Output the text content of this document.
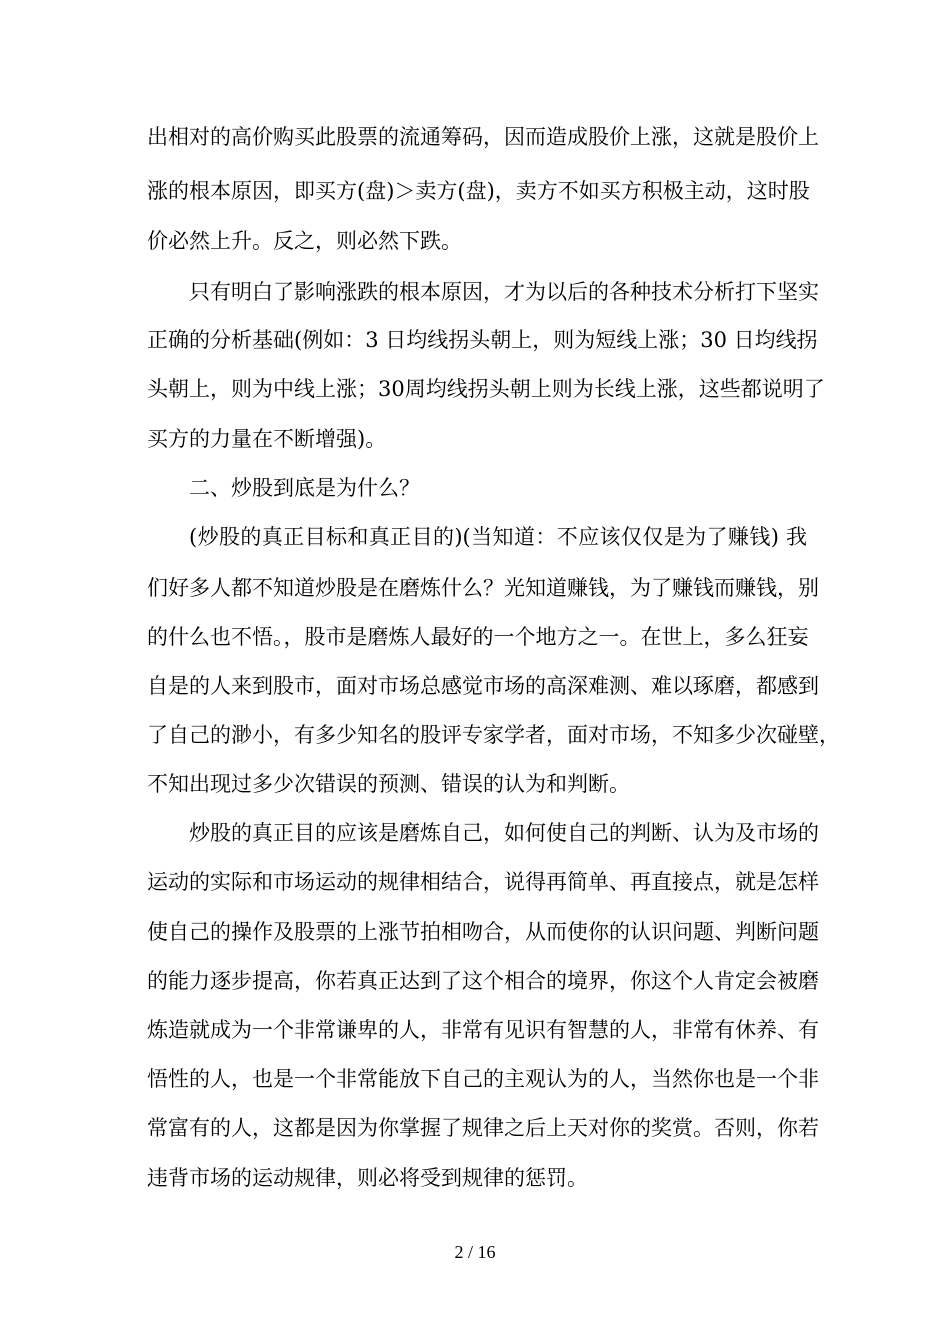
出相对的高价购买此股票的流通筹码，因而造成股价上涨，这就是股价上
涨的根本原因，即买方(盘)＞卖方(盘)，卖方不如买方积极主动，这时股
价必然上升。反之，则必然下跌。
只有明白了影响涨跌的根本原因，才为以后的各种技术分析打下坚实
正确的分析基础(例如：3 日均线拐头朝上，则为短线上涨；30 日均线拐
头朝上，则为中线上涨；30周均线拐头朝上则为长线上涨，这些都说明了
买方的力量在不断增强)。
二、炒股到底是为什么？
(炒股的真正目标和真正目的)(当知道：不应该仅仅是为了赚钱) 我
们好多人都不知道炒股是在磨炼什么？光知道赚钱，为了赚钱而赚钱，别
的什么也不悟。，股市是磨炼人最好的一个地方之一。在世上，多么狂妄
自是的人来到股市，面对市场总感觉市场的高深难测、难以琢磨，都感到
了自己的渺小，有多少知名的股评专家学者，面对市场，不知多少次碰壁，
不知出现过多少次错误的预测、错误的认为和判断。
炒股的真正目的应该是磨炼自己，如何使自己的判断、认为及市场的
运动的实际和市场运动的规律相结合，说得再简单、再直接点，就是怎样
使自己的操作及股票的上涨节拍相吻合，从而使你的认识问题、判断问题
的能力逐步提高，你若真正达到了这个相合的境界，你这个人肯定会被磨
炼造就成为一个非常谦卑的人，非常有见识有智慧的人，非常有休养、有
悟性的人，也是一个非常能放下自己的主观认为的人，当然你也是一个非
常富有的人，这都是因为你掌握了规律之后上天对你的奖赏。否则，你若
违背市场的运动规律，则必将受到规律的惩罚。
2 / 16
